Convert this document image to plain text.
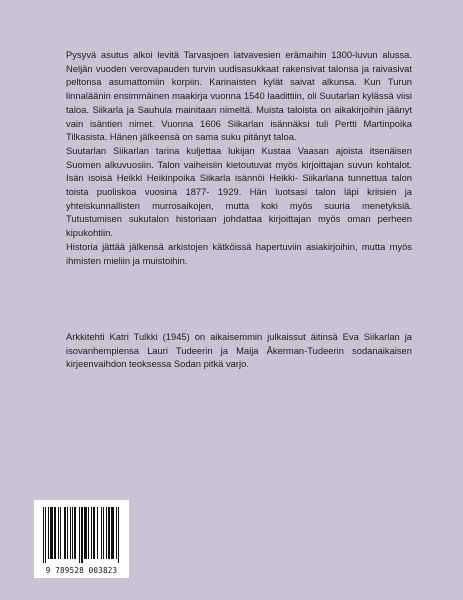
Pysyvä asutus alkoi levitä Tarvasjoen latvavesien erämaihin 1300-luvun alussa. Neljän vuoden verovapauden turvin uudisasukkaat rakensivat talonsa ja raivasivat peltonsa asumattomiin korpiin. Karinaisten kylät saivat alkunsa. Kun Turun linnaläänin ensimmäinen maakirja vuonna 1540 laadittiin, oli Suutarlan kylässä viisi taloa. Siikarla ja Sauhula mainitaan nimeltä. Muista taloista on aikakirjoihin jäänyt vain isäntien nimet. Vuonna 1606 Siikarlan isännäksi tuli Pertti Martinpoika Tilkasista. Hänen jälkeensä on sama suku pitänyt taloa.

Suutarlan Siikarlan tarina kuljettaa lukijan Kustaa Vaasan ajoista itsenäisen Suomen alkuvuosiin. Talon vaiheisiin kietoutuvat myös kirjoittajan suvun kohtalot. Isän isoisä Heikki Heikinpoika Siikarla isännöi Heikki- Siikarlana tunnettua talon toista puoliskoa vuosina 1877- 1929. Hän luotsasi talon läpi kriisien ja yhteiskunnallisten murrosaikojen, mutta koki myös suuria menetyksiä. Tutustumisen sukutalon historiaan johdattaa kirjoittajan myös oman perheen kipukohtiin.

Historia jättää jälkensä arkistojen kätköissä hapertuviin asiakirjoihin, mutta myös ihmisten mieliin ja muistoihin.

Arkkitehti Katri Tulkki (1945) on aikaisemmin julkaissut äitinsä Eva Siikarlan ja isovanhempiensa Lauri Tudeerin ja Maija Åkerman-Tudeerin sodanaikaisen kirjeenvaihdon teoksessa Sodan pitkä varjo.

9 789528 003823
